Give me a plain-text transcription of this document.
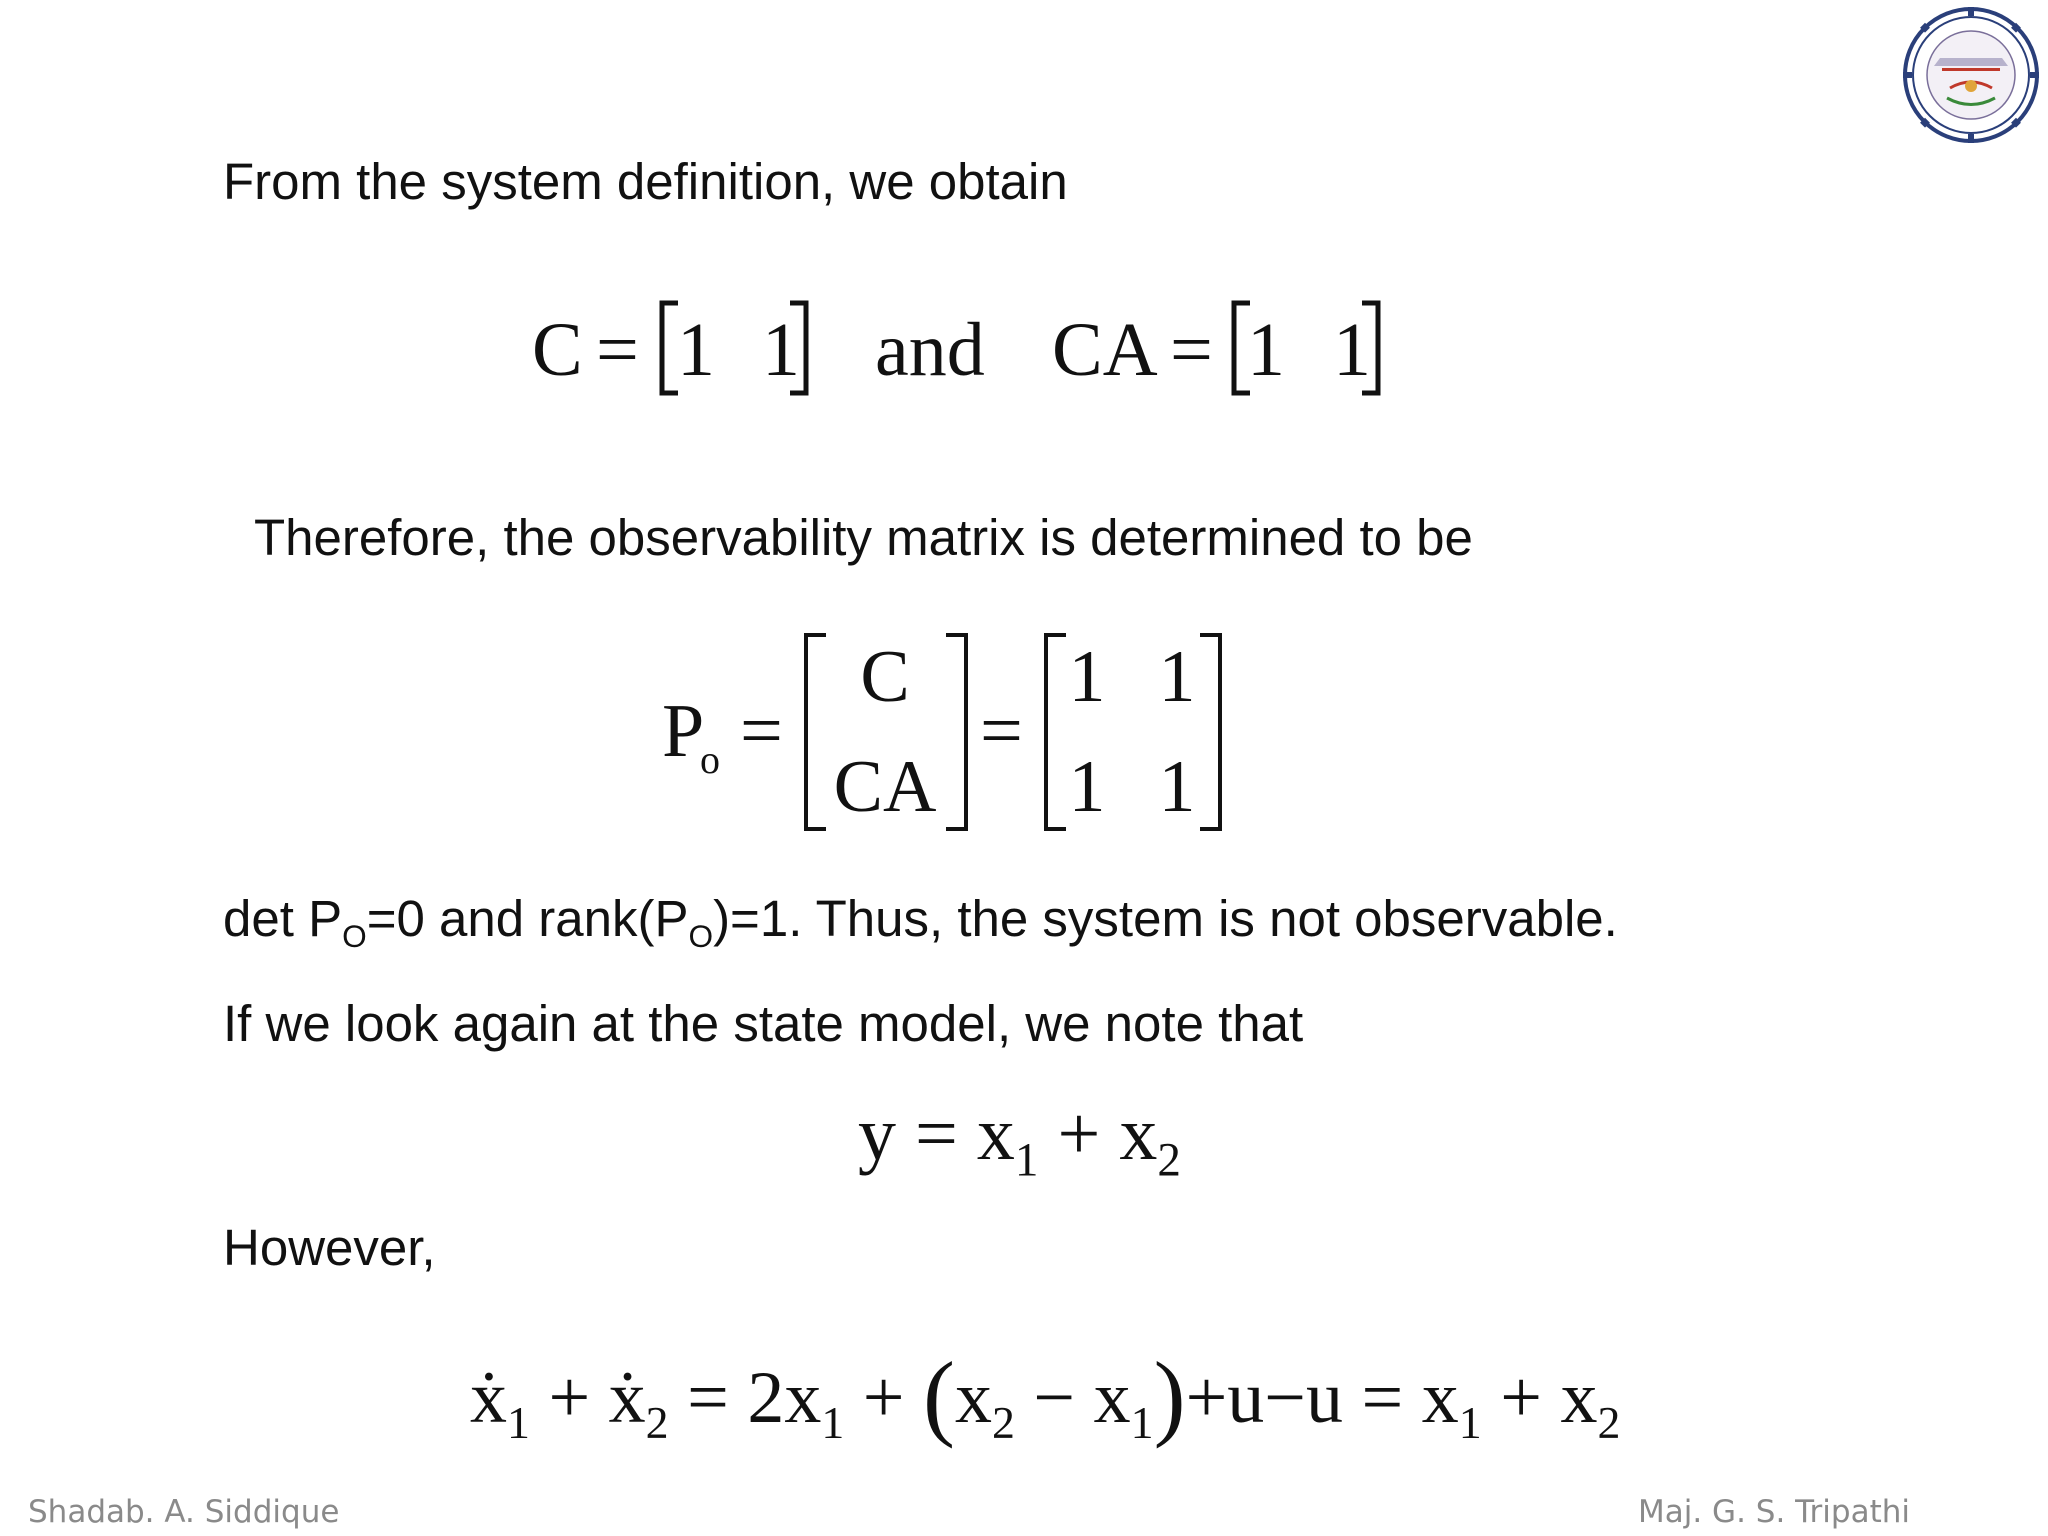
From the system definition, we obtain
C = 1 1 and CA = 1 1
Therefore, the observability matrix is determined to be
P
o =
C
CA
=
1 1
1 1
$\det P_O=0$ and $rank(P_O)=1$. Thus, the system is not observable.
If we look again at the state model, we note that
$y = x_1 + x_2$
However,
ẋ$_1$ + ẋ$_2$ = $2x_1 + (x_2 - x_1)+u-u = x_1 + x_2$
Shadab. A. Siddique	Maj. G. S. Tripathi
